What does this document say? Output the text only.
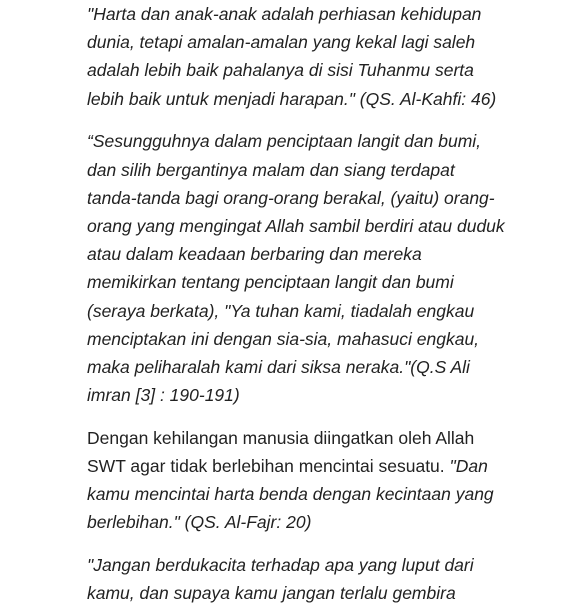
"Harta dan anak-anak adalah perhiasan kehidupan dunia, tetapi amalan-amalan yang kekal lagi saleh adalah lebih baik pahalanya di sisi Tuhanmu serta lebih baik untuk menjadi harapan." (QS. Al-Kahfi: 46)

“Sesungguhnya dalam penciptaan langit dan bumi, dan silih bergantinya malam dan siang terdapat tanda-tanda bagi orang-orang berakal, (yaitu) orang-orang yang mengingat Allah sambil berdiri atau duduk atau dalam keadaan berbaring dan mereka memikirkan tentang penciptaan langit dan bumi (seraya berkata), "Ya tuhan kami, tiadalah engkau menciptakan ini dengan sia-sia, mahasuci engkau, maka peliharalah kami dari siksa neraka."(Q.S Ali imran [3] : 190-191)

Dengan kehilangan manusia diingatkan oleh Allah SWT agar tidak berlebihan mencintai sesuatu. "Dan kamu mencintai harta benda dengan kecintaan yang berlebihan." (QS. Al-Fajr: 20)

"Jangan berdukacita terhadap apa yang luput dari kamu, dan supaya kamu jangan terlalu gembira
